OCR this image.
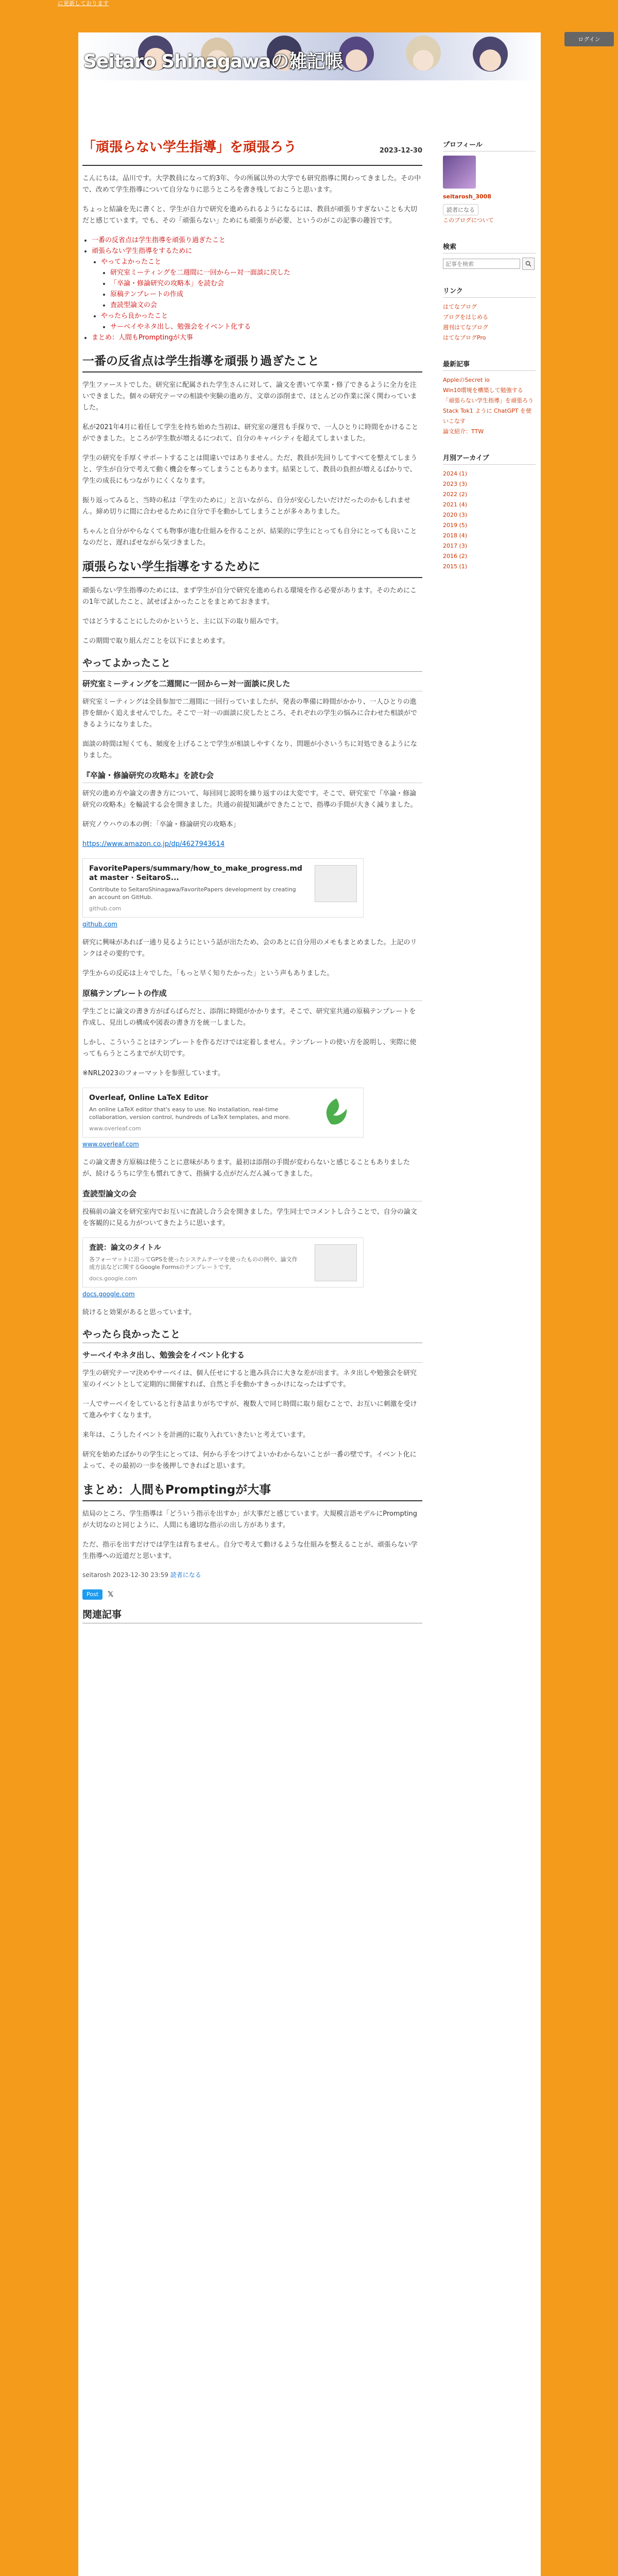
に更新しております
ログイン
Seitaro Shinagawaの雑記帳
「頑張らない学生指導」を頑張ろう	2023-12-30

こんにちは。品川です。大学教員になって約3年、今の所属以外の大学でも研究指導に関わってきました。その中で、改めて学生指導について自分なりに思うところを書き残しておこうと思います。

ちょっと結論を先に書くと、学生が自力で研究を進められるようになるには、教員が頑張りすぎないことも大切だと感じています。でも、その「頑張らない」ためにも頑張りが必要、というのがこの記事の趣旨です。

• 一番の反省点は学生指導を頑張り過ぎたこと
• 頑張らない学生指導をするために
• やってよかったこと
• 研究室ミーティングを二週間に一回からー対一面談に戻した
• 「卒論・修論研究の攻略本」を読む会
• 原稿テンプレートの作成
• 査読型論文の会
• やったら良かったこと
• サーベイやネタ出し、勉強会をイベント化する
• まとめ：人間もPromptingが大事
一番の反省点は学生指導を頑張り過ぎたこと

学生ファーストでした。研究室に配属された学生さんに対して、論文を書いて卒業・修了できるように全力を注いできました。個々の研究テーマの相談や実験の進め方、文章の添削まで、ほとんどの作業に深く関わっていました。

私が2021年4月に着任して学生を持ち始めた当初は、研究室の運営も手探りで、一人ひとりに時間をかけることができました。ところが学生数が増えるにつれて、自分のキャパシティを超えてしまいました。

学生の研究を手厚くサポートすることは間違いではありません。ただ、教員が先回りしてすべてを整えてしまうと、学生が自分で考えて動く機会を奪ってしまうこともあります。結果として、教員の負担が増えるばかりで、学生の成長にもつながりにくくなります。

振り返ってみると、当時の私は「学生のために」と言いながら、自分が安心したいだけだったのかもしれません。締め切りに間に合わせるために自分で手を動かしてしまうことが多々ありました。

ちゃんと自分がやらなくても物事が進む仕組みを作ることが、結果的に学生にとっても自分にとっても良いことなのだと、遅ればせながら気づきました。

頑張らない学生指導をするために

頑張らない学生指導のためには、まず学生が自分で研究を進められる環境を作る必要があります。そのためにこの1年で試したこと、試せばよかったことをまとめておきます。

ではどうすることにしたのかというと、主に以下の取り組みです。

この期間で取り組んだことを以下にまとめます。

やってよかったこと
研究室ミーティングを二週間に一回からー対一面談に戻した

研究室ミーティングは全員参加で二週間に一回行っていましたが、発表の準備に時間がかかり、一人ひとりの進捗を細かく追えませんでした。そこで一対一の面談に戻したところ、それぞれの学生の悩みに合わせた相談ができるようになりました。

面談の時間は短くても、頻度を上げることで学生が相談しやすくなり、問題が小さいうちに対処できるようになりました。

『卒論・修論研究の攻略本』を読む会

研究の進め方や論文の書き方について、毎回同じ説明を繰り返すのは大変です。そこで、研究室で『卒論・修論研究の攻略本』を輪読する会を開きました。共通の前提知識ができたことで、指導の手間が大きく減りました。

研究ノウハウの本の例：「卒論・修論研究の攻略本」

https://www.amazon.co.jp/dp/4627943614

FavoritePapers/summary/how_to_make_progress.md at master · SeitaroS...
Contribute to SeitaroShinagawa/FavoritePapers development by creating an account on GitHub.
github.com
github.com

研究に興味があれば一通り見るようにという話が出たため、会のあとに自分用のメモもまとめました。上記のリンクはその要約です。

学生からの反応は上々でした。「もっと早く知りたかった」という声もありました。

原稿テンプレートの作成

学生ごとに論文の書き方がばらばらだと、添削に時間がかかります。そこで、研究室共通の原稿テンプレートを作成し、見出しの構成や図表の書き方を統一しました。

しかし、こういうことはテンプレートを作るだけでは定着しません。テンプレートの使い方を説明し、実際に使ってもらうところまでが大切です。

※NRL2023のフォーマットを参照しています。

Overleaf, Online LaTeX Editor
An online LaTeX editor that's easy to use. No installation, real-time collaboration, version control, hundreds of LaTeX templates, and more.
www.overleaf.com
www.overleaf.com

この論文書き方原稿は使うことに意味があります。最初は添削の手間が変わらないと感じることもありましたが、続けるうちに学生も慣れてきて、指摘する点がだんだん減ってきました。

査読型論文の会

投稿前の論文を研究室内でお互いに査読し合う会を開きました。学生同士でコメントし合うことで、自分の論文を客観的に見る力がついてきたように思います。

査読：論文のタイトル
各フォーマットに沿ってGPSを使ったシステムテーマを使ったものの例や、論文作成方法などに関するGoogle Formsのテンプレートです。
docs.google.com
docs.google.com

続けると効果があると思っています。

やったら良かったこと
サーベイやネタ出し、勉強会をイベント化する

学生の研究テーマ決めやサーベイは、個人任せにすると進み具合に大きな差が出ます。ネタ出しや勉強会を研究室のイベントとして定期的に開催すれば、自然と手を動かすきっかけになったはずです。

一人でサーベイをしていると行き詰まりがちですが、複数人で同じ時間に取り組むことで、お互いに刺激を受けて進みやすくなります。

来年は、こうしたイベントを計画的に取り入れていきたいと考えています。

研究を始めたばかりの学生にとっては、何から手をつけてよいかわからないことが一番の壁です。イベント化によって、その最初の一歩を後押しできればと思います。

まとめ：人間もPromptingが大事

結局のところ、学生指導は「どういう指示を出すか」が大事だと感じています。大規模言語モデルにPromptingが大切なのと同じように、人間にも適切な指示の出し方があります。

ただ、指示を出すだけでは学生は育ちません。自分で考えて動けるような仕組みを整えることが、頑張らない学生指導への近道だと思います。

seitarosh 2023-12-30 23:59 読者になる
Post	𝕏
関連記事
プロフィール
seitarosh_3008
読者になる
このブログについて
検索
記事を検索
リンク
はてなブログ
ブログをはじめる
週刊はてなブログ
はてなブログPro
最新記事
AppleのSecret io
Win10環境を構築して勉強する
「頑張らない学生指導」を頑張ろう
Stack Tok1 ように ChatGPT を使いこなす
論文紹介：TTW
月別アーカイブ
2024 (1)
2023 (3)
2022 (2)
2021 (4)
2020 (3)
2019 (5)
2018 (4)
2017 (3)
2016 (2)
2015 (1)
